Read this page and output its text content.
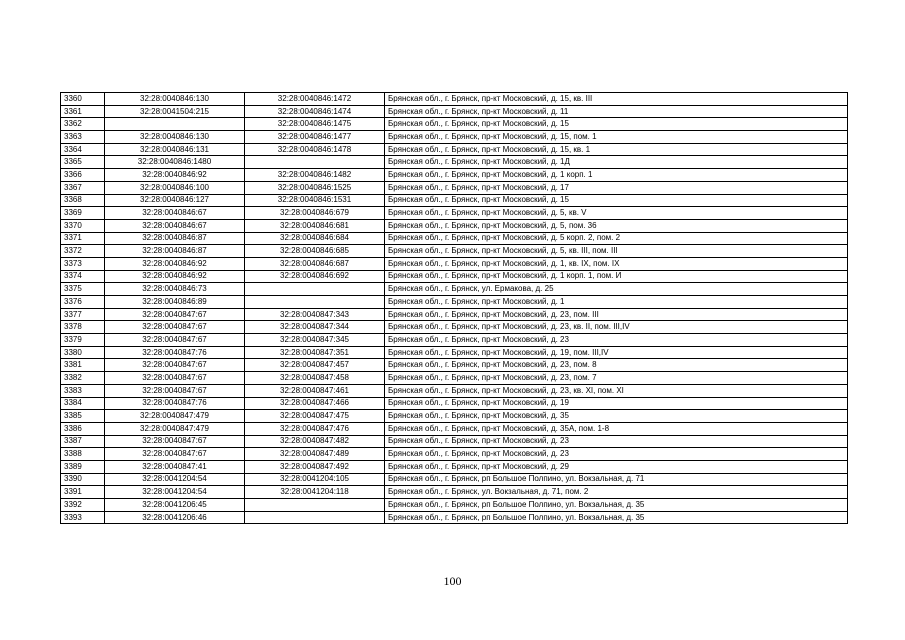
3360	32:28:0040846:130	32:28:0040846:1472	Брянская обл., г. Брянск, пр-кт Московский, д. 15, кв. III
3361	32:28:0041504:215	32:28:0040846:1474	Брянская обл., г. Брянск, пр-кт Московский, д. 11
3362		32:28:0040846:1475	Брянская обл., г. Брянск, пр-кт Московский, д. 15
3363	32:28:0040846:130	32:28:0040846:1477	Брянская обл., г. Брянск, пр-кт Московский, д. 15, пом. 1
3364	32:28:0040846:131	32:28:0040846:1478	Брянская обл., г. Брянск, пр-кт Московский, д. 15, кв. 1
3365	32:28:0040846:1480		Брянская обл., г. Брянск, пр-кт Московский, д. 1Д
3366	32:28:0040846:92	32:28:0040846:1482	Брянская обл., г. Брянск, пр-кт Московский, д. 1 корп. 1
3367	32:28:0040846:100	32:28:0040846:1525	Брянская обл., г. Брянск, пр-кт Московский, д. 17
3368	32:28:0040846:127	32:28:0040846:1531	Брянская обл., г. Брянск, пр-кт Московский, д. 15
3369	32:28:0040846:67	32:28:0040846:679	Брянская обл., г. Брянск, пр-кт Московский, д. 5, кв. V
3370	32:28:0040846:67	32:28:0040846:681	Брянская обл., г. Брянск, пр-кт Московский, д. 5, пом. 36
3371	32:28:0040846:87	32:28:0040846:684	Брянская обл., г. Брянск, пр-кт Московский, д. 5 корп. 2, пом. 2
3372	32:28:0040846:87	32:28:0040846:685	Брянская обл., г. Брянск, пр-кт Московский, д. 5, кв. III, пом. III
3373	32:28:0040846:92	32:28:0040846:687	Брянская обл., г. Брянск, пр-кт Московский, д. 1, кв. IX, пом. IX
3374	32:28:0040846:92	32:28:0040846:692	Брянская обл., г. Брянск, пр-кт Московский, д. 1 корп. 1, пом. И
3375	32:28:0040846:73		Брянская обл., г. Брянск, ул. Ермакова, д. 25
3376	32:28:0040846:89		Брянская обл., г. Брянск, пр-кт Московский, д. 1
3377	32:28:0040847:67	32:28:0040847:343	Брянская обл., г. Брянск, пр-кт Московский, д. 23, пом. III
3378	32:28:0040847:67	32:28:0040847:344	Брянская обл., г. Брянск, пр-кт Московский, д. 23, кв. II, пом. III,IV
3379	32:28:0040847:67	32:28:0040847:345	Брянская обл., г. Брянск, пр-кт Московский, д. 23
3380	32:28:0040847:76	32:28:0040847:351	Брянская обл., г. Брянск, пр-кт Московский, д. 19, пом. III,IV
3381	32:28:0040847:67	32:28:0040847:457	Брянская обл., г. Брянск, пр-кт Московский, д. 23, пом. 8
3382	32:28:0040847:67	32:28:0040847:458	Брянская обл., г. Брянск, пр-кт Московский, д. 23, пом. 7
3383	32:28:0040847:67	32:28:0040847:461	Брянская обл., г. Брянск, пр-кт Московский, д. 23, кв. XI, пом. XI
3384	32:28:0040847:76	32:28:0040847:466	Брянская обл., г. Брянск, пр-кт Московский, д. 19
3385	32:28:0040847:479	32:28:0040847:475	Брянская обл., г. Брянск, пр-кт Московский, д. 35
3386	32:28:0040847:479	32:28:0040847:476	Брянская обл., г. Брянск, пр-кт Московский, д. 35А, пом. 1-8
3387	32:28:0040847:67	32:28:0040847:482	Брянская обл., г. Брянск, пр-кт Московский, д. 23
3388	32:28:0040847:67	32:28:0040847:489	Брянская обл., г. Брянск, пр-кт Московский, д. 23
3389	32:28:0040847:41	32:28:0040847:492	Брянская обл., г. Брянск, пр-кт Московский, д. 29
3390	32:28:0041204:54	32:28:0041204:105	Брянская обл., г. Брянск, рп Большое Полпино, ул. Вокзальная, д. 71
3391	32:28:0041204:54	32:28:0041204:118	Брянская обл., г. Брянск, ул. Вокзальная, д. 71, пом. 2
3392	32:28:0041206:45		Брянская обл., г. Брянск, рп Большое Полпино, ул. Вокзальная, д. 35
3393	32:28:0041206:46		Брянская обл., г. Брянск, рп Большое Полпино, ул. Вокзальная, д. 35
100
